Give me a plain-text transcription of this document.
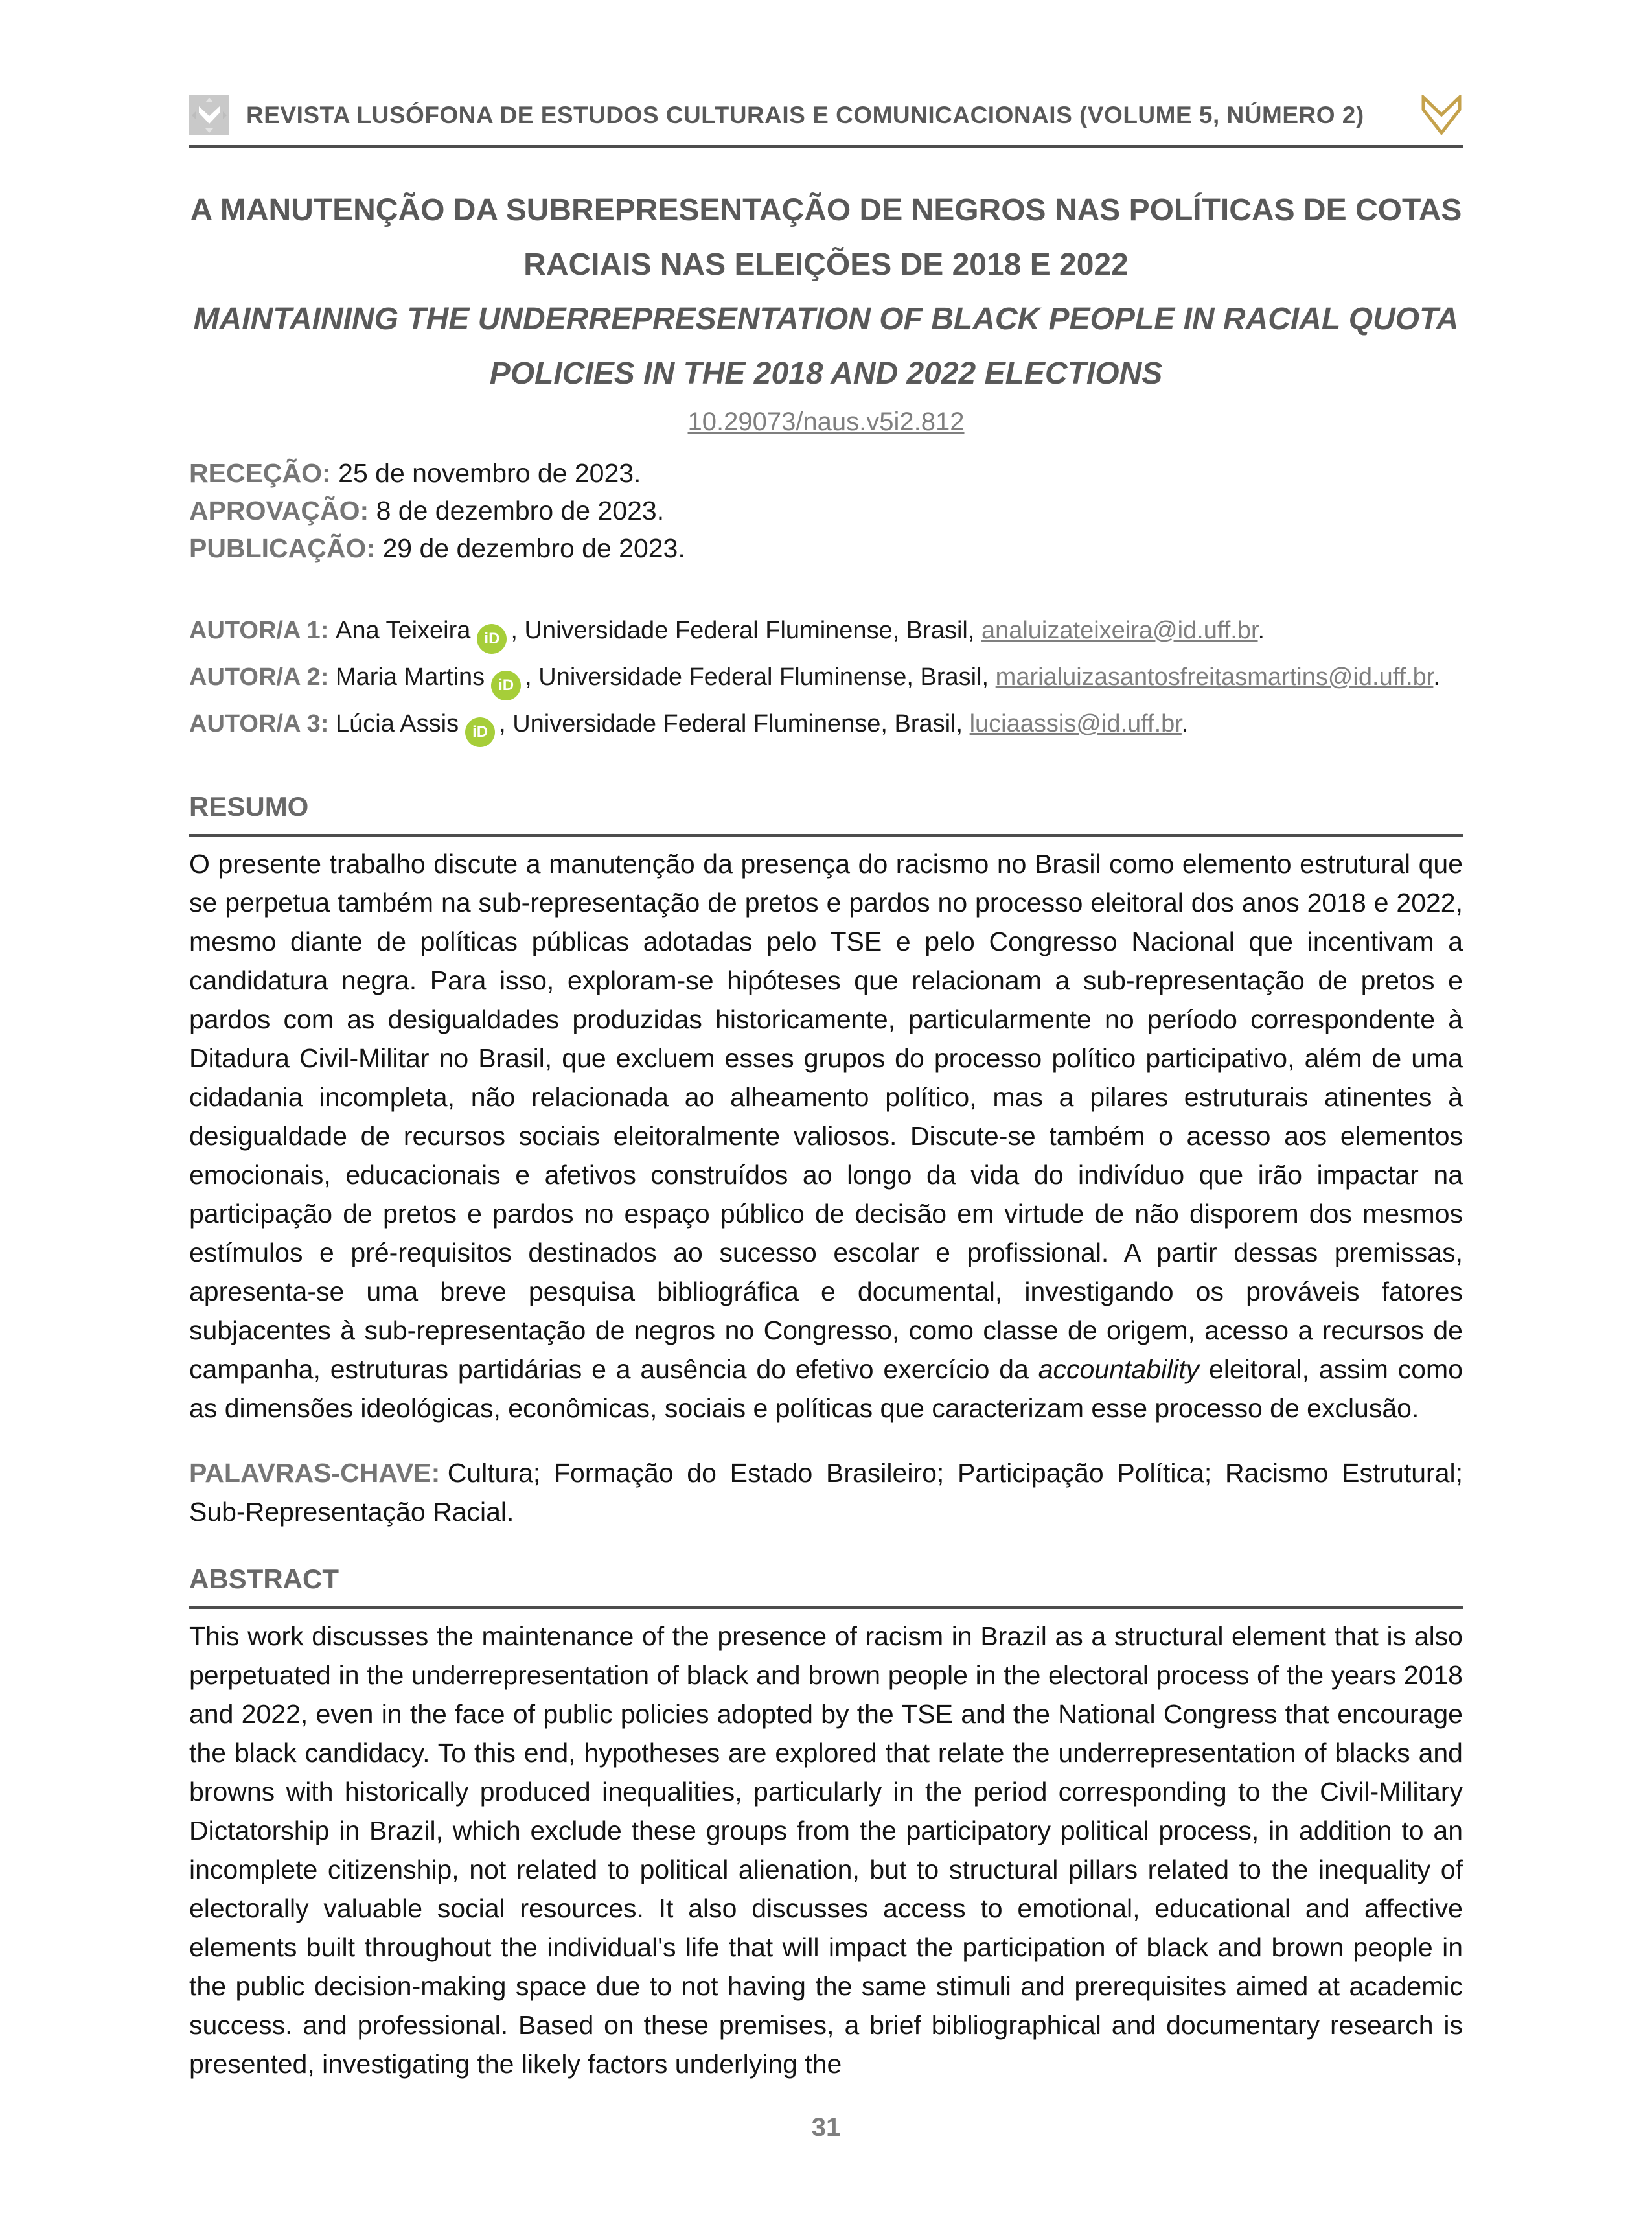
REVISTA LUSÓFONA DE ESTUDOS CULTURAIS E COMUNICACIONAIS (VOLUME 5, NÚMERO 2)
A MANUTENÇÃO DA SUBREPRESENTAÇÃO DE NEGROS NAS POLÍTICAS DE COTAS
RACIAIS NAS ELEIÇÕES DE 2018 E 2022
MAINTAINING THE UNDERREPRESENTATION OF BLACK PEOPLE IN RACIAL QUOTA
POLICIES IN THE 2018 AND 2022 ELECTIONS
10.29073/naus.v5i2.812
RECEÇÃO: 25 de novembro de 2023.
APROVAÇÃO: 8 de dezembro de 2023.
PUBLICAÇÃO: 29 de dezembro de 2023.
AUTOR/A 1: Ana Teixeira iD , Universidade Federal Fluminense, Brasil, analuizateixeira@id.uff.br.
AUTOR/A 2: Maria Martins iD , Universidade Federal Fluminense, Brasil, marialuizasantosfreitasmartins@id.uff.br.
AUTOR/A 3: Lúcia Assis iD , Universidade Federal Fluminense, Brasil, luciaassis@id.uff.br.
RESUMO

O presente trabalho discute a manutenção da presença do racismo no Brasil como elemento estrutural que se perpetua também na sub-representação de pretos e pardos no processo eleitoral dos anos 2018 e 2022, mesmo diante de políticas públicas adotadas pelo TSE e pelo Congresso Nacional que incentivam a candidatura negra. Para isso, exploram-se hipóteses que relacionam a sub-representação de pretos e pardos com as desigualdades produzidas historicamente, particularmente no período correspondente à Ditadura Civil-Militar no Brasil, que excluem esses grupos do processo político participativo, além de uma cidadania incompleta, não relacionada ao alheamento político, mas a pilares estruturais atinentes à desigualdade de recursos sociais eleitoralmente valiosos. Discute-se também o acesso aos elementos emocionais, educacionais e afetivos construídos ao longo da vida do indivíduo que irão impactar na participação de pretos e pardos no espaço público de decisão em virtude de não disporem dos mesmos estímulos e pré-requisitos destinados ao sucesso escolar e profissional. A partir dessas premissas, apresenta-se uma breve pesquisa bibliográfica e documental, investigando os prováveis fatores subjacentes à sub-representação de negros no Congresso, como classe de origem, acesso a recursos de campanha, estruturas partidárias e a ausência do efetivo exercício da accountability eleitoral, assim como as dimensões ideológicas, econômicas, sociais e políticas que caracterizam esse processo de exclusão.

PALAVRAS-CHAVE: Cultura; Formação do Estado Brasileiro; Participação Política; Racismo Estrutural; Sub-Representação Racial.

ABSTRACT

This work discusses the maintenance of the presence of racism in Brazil as a structural element that is also perpetuated in the underrepresentation of black and brown people in the electoral process of the years 2018 and 2022, even in the face of public policies adopted by the TSE and the National Congress that encourage the black candidacy. To this end, hypotheses are explored that relate the underrepresentation of blacks and browns with historically produced inequalities, particularly in the period corresponding to the Civil-Military Dictatorship in Brazil, which exclude these groups from the participatory political process, in addition to an incomplete citizenship, not related to political alienation, but to structural pillars related to the inequality of electorally valuable social resources. It also discusses access to emotional, educational and affective elements built throughout the individual's life that will impact the participation of black and brown people in the public decision-making space due to not having the same stimuli and prerequisites aimed at academic success. and professional. Based on these premises, a brief bibliographical and documentary research is presented, investigating the likely factors underlying the

31
